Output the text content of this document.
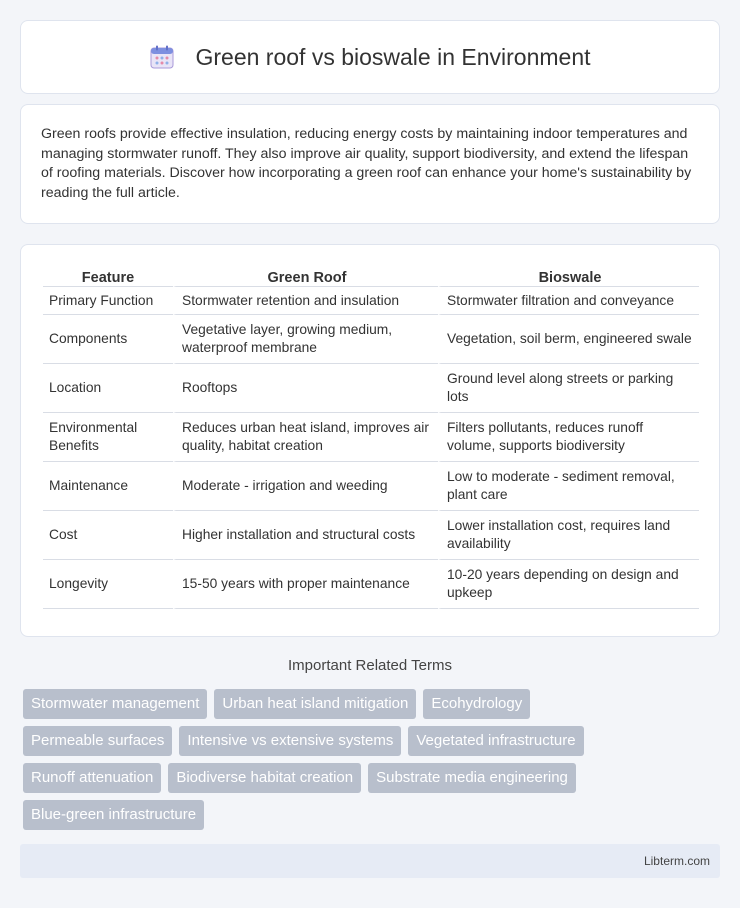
Green roof vs bioswale in Environment

Green roofs provide effective insulation, reducing energy costs by maintaining indoor temperatures and managing stormwater runoff. They also improve air quality, support biodiversity, and extend the lifespan of roofing materials. Discover how incorporating a green roof can enhance your home's sustainability by reading the full article.

Feature	Green Roof	Bioswale
Primary Function	Stormwater retention and insulation	Stormwater filtration and conveyance
Components	Vegetative layer, growing medium, waterproof membrane	Vegetation, soil berm, engineered swale
Location	Rooftops	Ground level along streets or parking lots
Environmental Benefits	Reduces urban heat island, improves air quality, habitat creation	Filters pollutants, reduces runoff volume, supports biodiversity
Maintenance	Moderate - irrigation and weeding	Low to moderate - sediment removal, plant care
Cost	Higher installation and structural costs	Lower installation cost, requires land availability
Longevity	15-50 years with proper maintenance	10-20 years depending on design and upkeep
Important Related Terms
Stormwater management	Urban heat island mitigation	Ecohydrology
Permeable surfaces	Intensive vs extensive systems	Vegetated infrastructure
Runoff attenuation	Biodiverse habitat creation	Substrate media engineering
Blue-green infrastructure
Libterm.com
